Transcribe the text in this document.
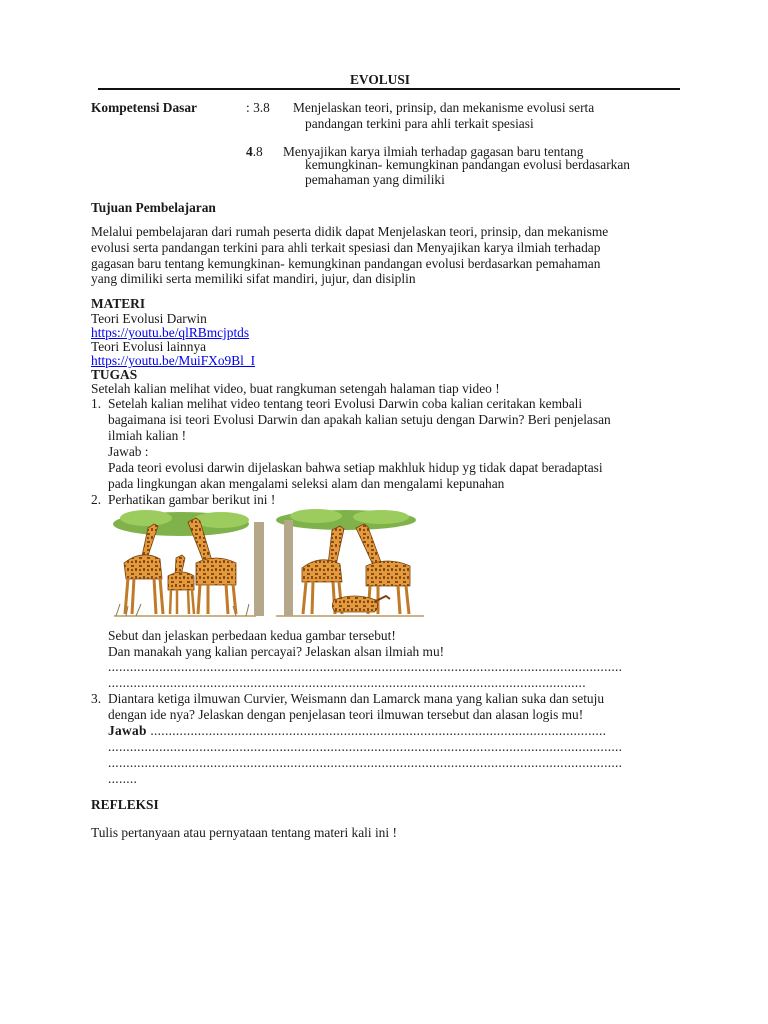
EVOLUSI
Kompetensi Dasar	: 3.8 Menjelaskan teori, prinsip, dan mekanisme evolusi serta
pandangan terkini para ahli terkait spesiasi
4.8 Menyajikan karya ilmiah terhadap gagasan baru tentang
kemungkinan- kemungkinan pandangan evolusi berdasarkan
pemahaman yang dimiliki
Tujuan Pembelajaran
Melalui pembelajaran dari rumah peserta didik dapat Menjelaskan teori, prinsip, dan mekanisme
evolusi serta pandangan terkini para ahli terkait spesiasi dan Menyajikan karya ilmiah terhadap
gagasan baru tentang kemungkinan- kemungkinan pandangan evolusi berdasarkan pemahaman
yang dimiliki serta memiliki sifat mandiri, jujur, dan disiplin
MATERI
Teori Evolusi Darwin
https://youtu.be/qlRBmcjptds
Teori Evolusi lainnya
https://youtu.be/MuiFXo9Bl_I
TUGAS
Setelah kalian melihat video, buat rangkuman setengah halaman tiap video !
1. Setelah kalian melihat video tentang teori Evolusi Darwin coba kalian ceritakan kembali
bagaimana isi teori Evolusi Darwin dan apakah kalian setuju dengan Darwin? Beri penjelasan
ilmiah kalian !
Jawab :
Pada teori evolusi darwin dijelaskan bahwa setiap makhluk hidup yg tidak dapat beradaptasi
pada lingkungan akan mengalami seleksi alam dan mengalami kepunahan
2. Perhatikan gambar berikut ini !
Sebut dan jelaskan perbedaan kedua gambar tersebut!
Dan manakah yang kalian percayai? Jelaskan alsan ilmiah mu!
.............................................................................................................................................
...................................................................................................................................
3. Diantara ketiga ilmuwan Curvier, Weismann dan Lamarck mana yang kalian suka dan setuju
dengan ide nya? Jelaskan dengan penjelasan teori ilmuwan tersebut dan alasan logis mu!
Jawab .............................................................................................................................
.............................................................................................................................................
.............................................................................................................................................
........
REFLEKSI
Tulis pertanyaan atau pernyataan tentang materi kali ini !
